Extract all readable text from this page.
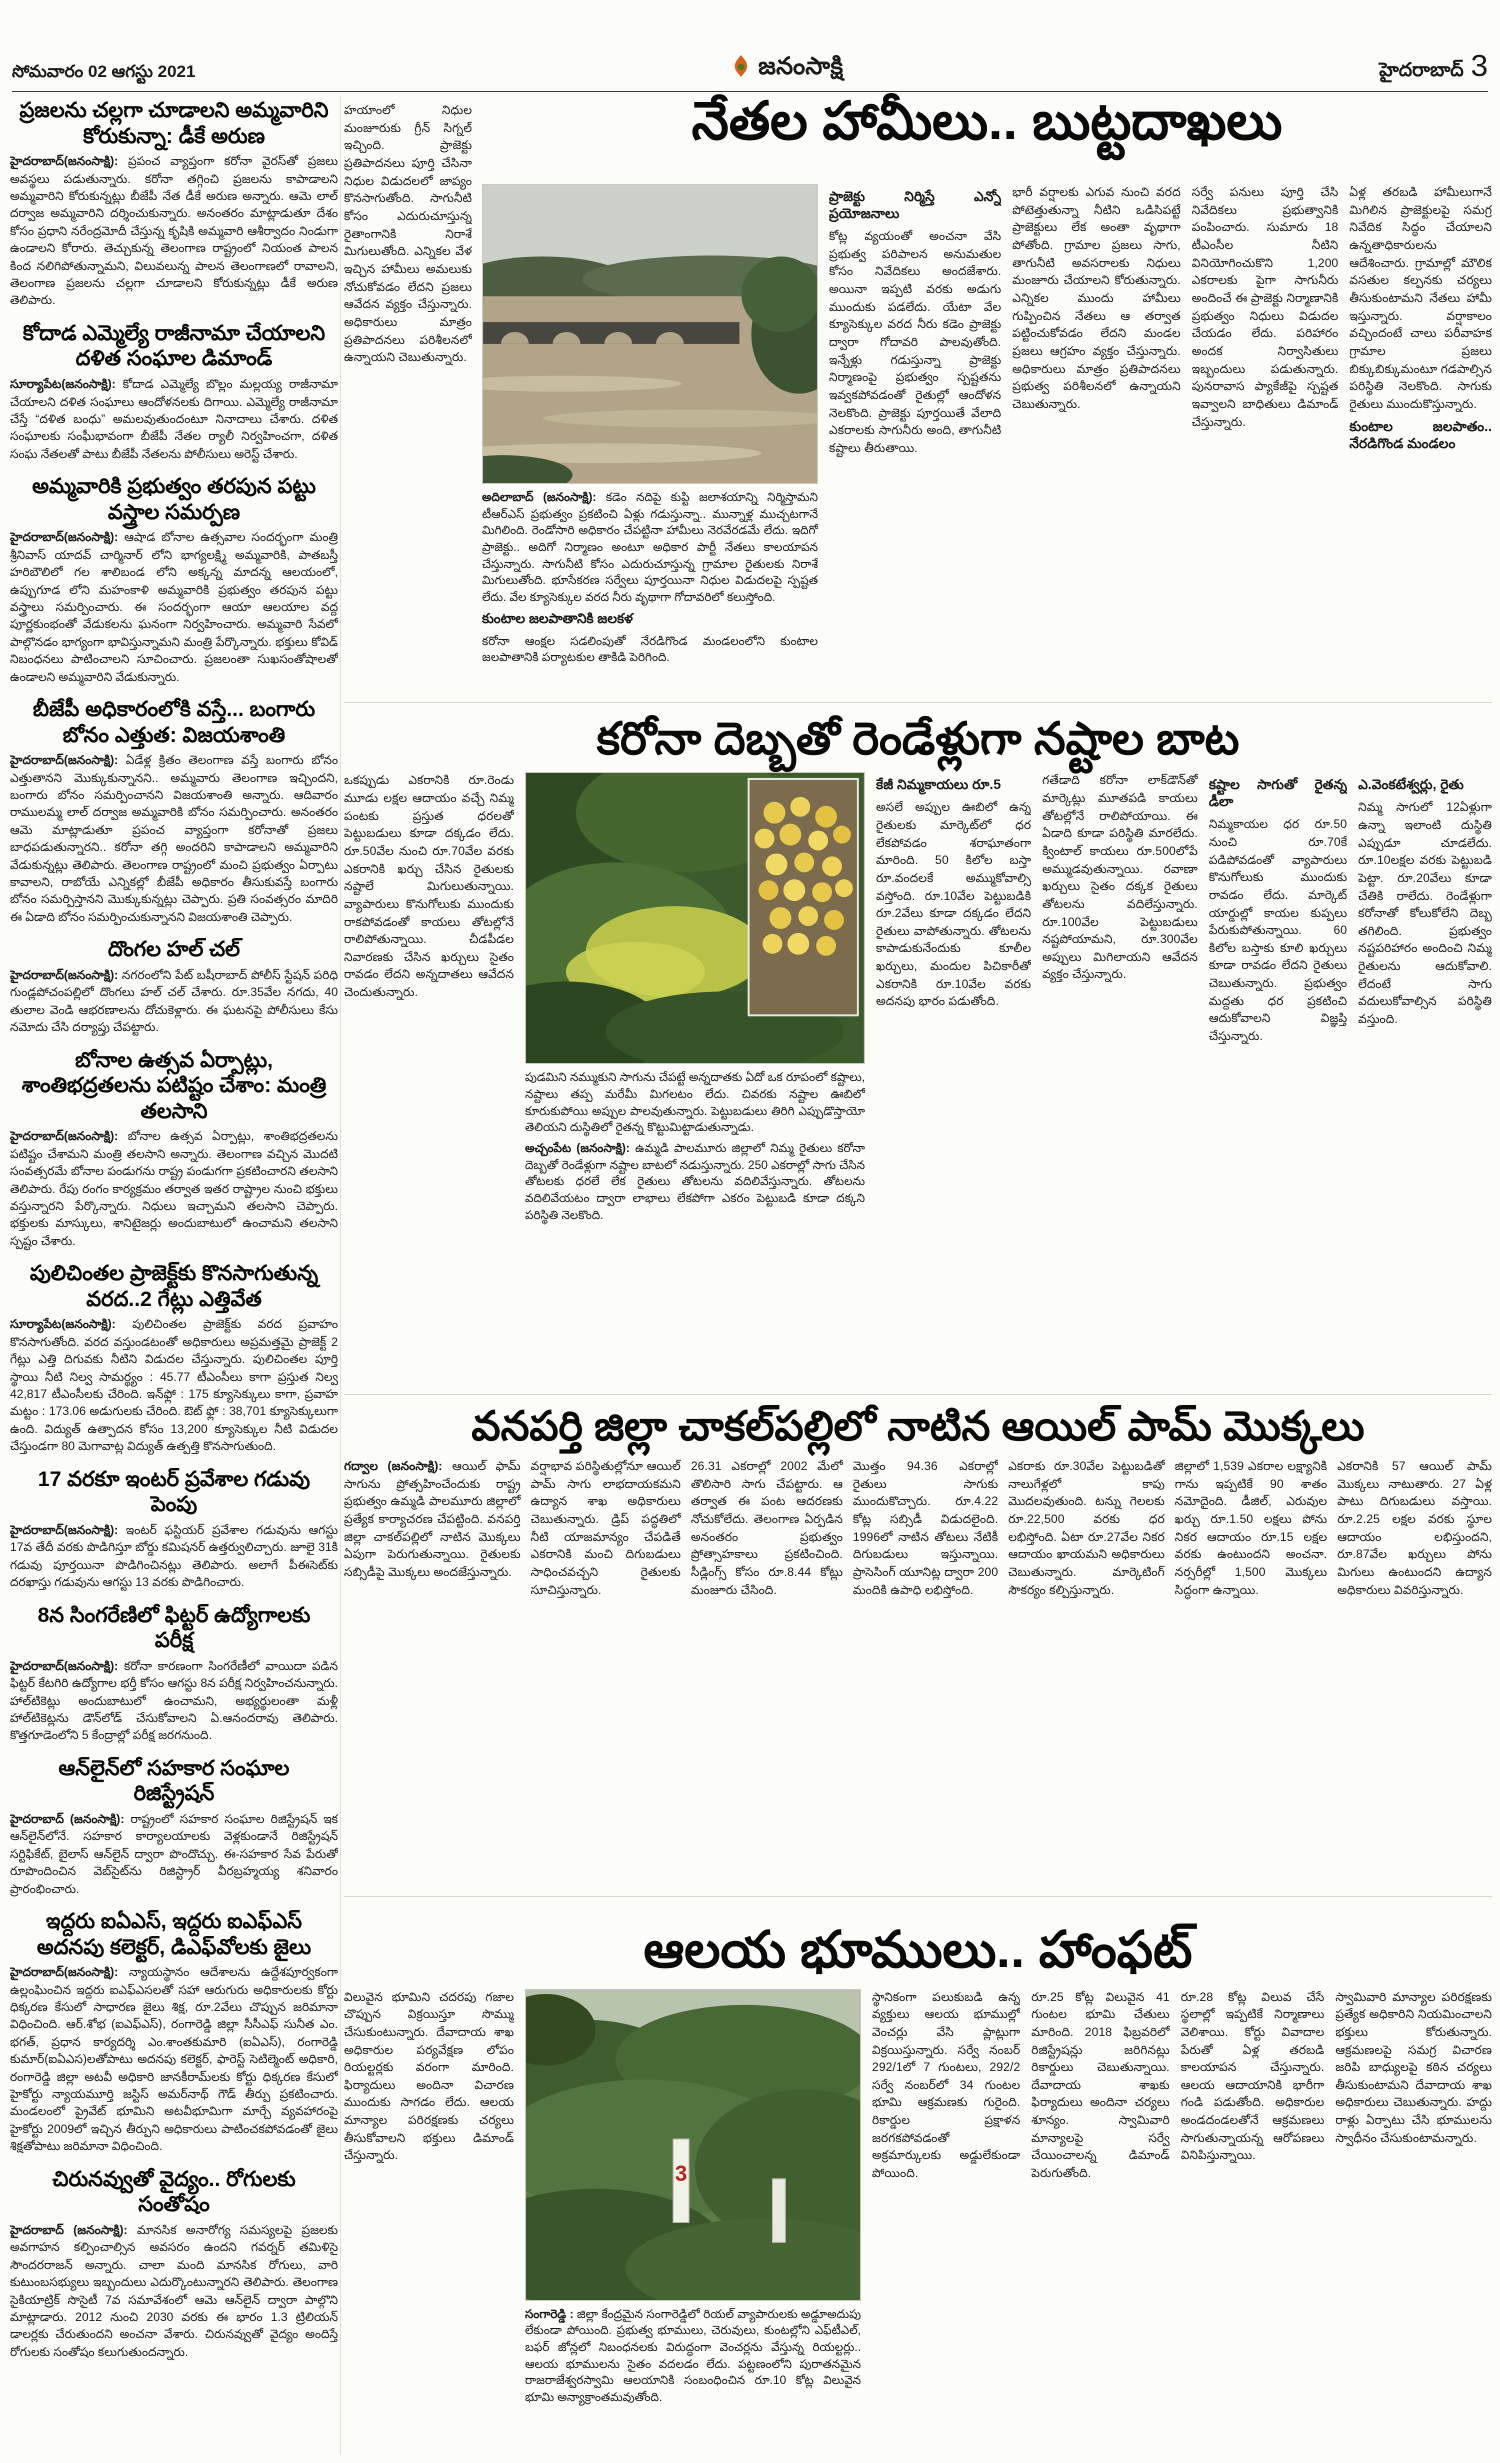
సోమవారం 02 ఆగస్టు 2021	జనంసాక్షి	హైదరాబాద్ 3
ప్రజలను చల్లగా చూడాలని అమ్మవారిని కోరుకున్నా: డీకే అరుణ

హైదరాబాద్(జనంసాక్షి): ప్రపంచ వ్యాప్తంగా కరోనా వైరస్‌తో ప్రజలు అవస్థలు పడుతున్నారు. కరోనా తగ్గించి ప్రజలను కాపాడాలని అమ్మవారిని కోరుకున్నట్లు బీజేపీ నేత డీకే అరుణ అన్నారు. ఆమె లాల్ దర్వాజ అమ్మవారిని దర్శించుకున్నారు. అనంతరం మాట్లాడుతూ దేశం కోసం ప్రధాని నరేంద్రమోదీ చేస్తున్న కృషికి అమ్మవారి ఆశీర్వాదం నిండుగా ఉండాలని కోరారు. తెచ్చుకున్న తెలంగాణ రాష్ట్రంలో నియంత పాలన కింద నలిగిపోతున్నామని, విలువలున్న పాలన తెలంగాణలో రావాలని, తెలంగాణ ప్రజలను చల్లగా చూడాలని కోరుకున్నట్లు డీకే అరుణ తెలిపారు.

కోదాడ ఎమ్మెల్యే రాజీనామా చేయాలని దళిత సంఘాల డిమాండ్

సూర్యాపేట(జనంసాక్షి): కోదాడ ఎమ్మెల్యే బొల్లం మల్లయ్య రాజీనామా చేయాలని దళిత సంఘాలు ఆందోళనలకు దిగాయి. ఎమ్మెల్యే రాజీనామా చేస్తే “దళిత బంధు” అమలవుతుందంటూ నినాదాలు చేశారు. దళిత సంఘాలకు సంఘీభావంగా బీజేపీ నేతల ర్యాలీ నిర్వహించగా, దళిత సంఘ నేతలతో పాటు బీజేపీ నేతలను పోలీసులు అరెస్ట్ చేశారు.

అమ్మవారికి ప్రభుత్వం తరపున పట్టు వస్త్రాల సమర్పణ

హైదరాబాద్(జనంసాక్షి): ఆషాడ బోనాల ఉత్సవాల సందర్భంగా మంత్రి శ్రీనివాస్ యాదవ్ చార్మినార్ లోని భాగ్యలక్ష్మి అమ్మవారికి, పాతబస్తీ హరిబౌలిలో గల శాలిబండ లోని అక్కన్న మాదన్న ఆలయంలో, ఉప్పుగూడ లోని మహంకాళి అమ్మవారికి ప్రభుత్వం తరపున పట్టు వస్త్రాలు సమర్పించారు. ఈ సందర్భంగా ఆయా ఆలయాల వద్ద పూర్ణకుంభంతో వేడుకలను ఘనంగా నిర్వహించారు. అమ్మవారి సేవలో పాల్గొనడం భాగ్యంగా భావిస్తున్నామని మంత్రి పేర్కొన్నారు. భక్తులు కోవిడ్ నిబంధనలు పాటించాలని సూచించారు. ప్రజలంతా సుఖసంతోషాలతో ఉండాలని అమ్మవారిని వేడుకున్నారు.

బీజేపీ అధికారంలోకి వస్తే... బంగారు బోనం ఎత్తుత: విజయశాంతి

హైదరాబాద్(జనంసాక్షి): ఏడేళ్ల క్రితం తెలంగాణ వస్తే బంగారు బోనం ఎత్తుతానని మొక్కుకున్నానని.. అమ్మవారు తెలంగాణ ఇచ్చిందని, బంగారు బోనం సమర్పించానని విజయశాంతి అన్నారు. ఆదివారం రాములమ్మ లాల్ దర్వాజ అమ్మవారికి బోనం సమర్పించారు. అనంతరం ఆమె మాట్లాడుతూ ప్రపంచ వ్యాప్తంగా కరోనాతో ప్రజలు బాధపడుతున్నారని.. కరోనా తగ్గి అందరిని కాపాడాలని అమ్మవారిని వేడుకున్నట్లు తెలిపారు. తెలంగాణ రాష్ట్రంలో మంచి ప్రభుత్వం ఏర్పాటు కావాలని, రాబోయే ఎన్నికల్లో బీజేపీ అధికారం తీసుకువస్తే బంగారు బోనం సమర్పిస్తానని మొక్కుకున్నట్లు చెప్పారు. ప్రతి సంవత్సరం మాదిరి ఈ ఏడాది బోనం సమర్పించుకున్నానని విజయశాంతి చెప్పారు.

దొంగల హల్ చల్

హైదరాబాద్(జనంసాక్షి): నగరంలోని పేట్ బషీరాబాద్ పోలీస్ స్టేషన్ పరిధి గుండ్లపోచంపల్లిలో దొంగలు హల్ చల్ చేశారు. రూ.35వేల నగదు, 40 తులాల వెండి ఆభరణాలను దోచుకెళ్లారు. ఈ ఘటనపై పోలీసులు కేసు నమోదు చేసి దర్యాప్తు చేపట్టారు.

బోనాల ఉత్సవ ఏర్పాట్లు, శాంతిభద్రతలను పటిష్టం చేశాం: మంత్రి తలసాని

హైదరాబాద్(జనంసాక్షి): బోనాల ఉత్సవ ఏర్పాట్లు, శాంతిభద్రతలను పటిష్టం చేశామని మంత్రి తలసాని అన్నారు. తెలంగాణ వచ్చిన మొదటి సంవత్సరమే బోనాల పండుగను రాష్ట్ర పండుగగా ప్రకటించారని తలసాని తెలిపారు. రేపు రంగం కార్యక్రమం తర్వాత ఇతర రాష్ట్రాల నుంచి భక్తులు వస్తున్నారని పేర్కొన్నారు. నిధులు ఇచ్చామని తలసాని చెప్పారు. భక్తులకు మాస్కులు, శానిటైజర్లు అందుబాటులో ఉంచామని తలసాని స్పష్టం చేశారు.

పులిచింతల ప్రాజెక్ట్‌కు కొనసాగుతున్న వరద..2 గేట్లు ఎత్తివేత

సూర్యాపేట(జనంసాక్షి): పులిచింతల ప్రాజెక్ట్‌కు వరద ప్రవాహం కొనసాగుతోంది. వరద వస్తుండటంతో అధికారులు అప్రమత్తమై ప్రాజెక్ట్ 2 గేట్లు ఎత్తి దిగువకు నీటిని విడుదల చేస్తున్నారు. పులిచింతల పూర్తి స్థాయి నీటి నిల్వ సామర్థ్యం : 45.77 టీఎంసీలు కాగా ప్రస్తుత నిల్వ 42,817 టీఎంసీలకు చేరింది. ఇన్‌ఫ్లో : 175 క్యూసెక్కులు కాగా, ప్రవాహ మట్టం : 173.06 అడుగులకు చేరింది. ఔట్ ఫ్లో : 38,701 క్యూసెక్కులుగా ఉంది. విద్యుత్ ఉత్పాదన కోసం 13,200 క్యూసెక్కుల నీటి విడుదల చేస్తుండగా 80 మెగావాట్ల విద్యుత్ ఉత్పత్తి కొనసాగుతుంది.

17 వరకూ ఇంటర్ ప్రవేశాల గడువు పెంపు

హైదరాబాద్(జనంసాక్షి): ఇంటర్ ఫస్టియర్ ప్రవేశాల గడువును ఆగస్టు 17వ తేదీ వరకు పొడిగిస్తూ బోర్డు కమిషనర్ ఉత్తర్వులిచ్చారు. జూలై 31కి గడువు పూర్తయినా పొడిగించినట్లు తెలిపారు. అలాగే పీఈసెట్‌కు దరఖాస్తు గడువును ఆగస్టు 13 వరకు పొడిగించారు.

8న సింగరేణిలో ఫిట్టర్ ఉద్యోగాలకు పరీక్ష

హైదరాబాద్(జనంసాక్షి): కరోనా కారణంగా సింగరేణీలో వాయిదా పడిన ఫిట్టర్ కేటగిరి ఉద్యోగాల భర్తీ కోసం ఆగస్టు 8న పరీక్ష నిర్వహించనున్నారు. హాల్‌టికెట్లు అందుబాటులో ఉంచామని, అభ్యర్థులంతా మళ్లీ హాల్‌టికెట్లను డౌన్‌లోడ్ చేసుకోవాలని ఏ.ఆనందరావు తెలిపారు. కొత్తగూడెంలోని 5 కేంద్రాల్లో పరీక్ష జరగనుంది.

ఆన్‌లైన్‌లో సహకార సంఘాల రిజిస్ట్రేషన్

హైదరాబాద్ (జనంసాక్షి): రాష్ట్రంలో సహకార సంఘాల రిజిస్ట్రేషన్ ఇక ఆన్‌లైన్‌లోనే. సహకార కార్యాలయాలకు వెళ్లకుండానే రిజిస్ట్రేషన్ సర్టిఫికేట్, బైలాస్ ఆన్‌లైన్ ద్వారా పొందొచ్చు. ఈ-సహకార సేవ పేరుతో రూపొందించిన వెబ్‌సైట్‌ను రిజిస్ట్రార్ వీరబ్రహ్మయ్య శనివారం ప్రారంభించారు.

ఇద్దరు ఐఏఎస్, ఇద్దరు ఐఎఫ్ఎస్ అదనపు కలెక్టర్, డిఎఫ్‌వోలకు జైలు

హైదరాబాద్(జనంసాక్షి): న్యాయస్థానం ఆదేశాలను ఉద్దేశపూర్వకంగా ఉల్లంఘించిన ఇద్దరు ఐఎఫ్ఎసలతో సహా ఆరుగురు అధికారులకు కోర్టు ధిక్కరణ కేసులో సాధారణ జైలు శిక్ష, రూ.2వేలు చొప్పున జరిమానా విధించింది. ఆర్.శోభ (ఐఎఫ్ఎస్), రంగారెడ్డి జిల్లా సీసీఎఫ్ సునీత ఎం. భగత్, ప్రధాన కార్యదర్శి ఎం.శాంతకుమారి (ఐఏఎస్), రంగారెడ్డి కుమార్(ఐఏఎస)లతోపాటు అదనపు కలెక్టర్, ఫారెస్ట్ సెటిల్మెంట్ అధికారి, రంగారెడ్డి జిల్లా అటవీ అధికారి జానకీరామ్‌లకు కోర్టు ధిక్కరణ కేసులో హైకోర్టు న్యాయమూర్తి జస్టిస్ అమర్‌నాథ్ గౌడ్ తీర్పు ప్రకటించారు. మండలంలో ప్రైవేట్ భూమిని అటవీభూమిగా మార్చే వ్యవహారంపై హైకోర్టు 2009లో ఇచ్చిన తీర్పుని అధికారులు పాటించకపోవడంతో జైలు శిక్షతోపాటు జరిమానా విధించింది.

చిరునవ్వుతో వైద్యం.. రోగులకు సంతోషం

హైదరాబాద్ (జనంసాక్షి): మానసిక అనారోగ్య సమస్యలపై ప్రజలకు అవగాహన కల్పించాల్సిన అవసరం ఉందని గవర్నర్ తమిళిసై సౌందరరాజన్ అన్నారు. చాలా మంది మానసిక రోగులు, వారి కుటుంబసభ్యులు ఇబ్బందులు ఎదుర్కొంటున్నారని తెలిపారు. తెలంగాణ సైకియాట్రిక్ సొసైటీ 7వ సమావేశంలో ఆమె ఆన్‌లైన్ ద్వారా పాల్గొని మాట్లాడారు. 2012 నుంచి 2030 వరకు ఈ భారం 1.3 ట్రిలియన్ డాలర్లకు చేరుతుందని అంచనా వేశారు. చిరునవ్వుతో వైద్యం అందిస్తే రోగులకు సంతోషం కలుగుతుందన్నారు.

నేతల హామీలు.. బుట్టదాఖలు
హయాంలో నిధుల మంజూరుకు గ్రీన్ సిగ్నల్ ఇచ్చింది. ప్రాజెక్టు ప్రతిపాదనలు పూర్తి చేసినా నిధుల విడుదలలో జాప్యం కొనసాగుతోంది. సాగునీటి కోసం ఎదురుచూస్తున్న రైతాంగానికి నిరాశే మిగులుతోంది. ఎన్నికల వేళ ఇచ్చిన హామీలు అమలుకు నోచుకోవడం లేదని ప్రజలు ఆవేదన వ్యక్తం చేస్తున్నారు. అధికారులు మాత్రం ప్రతిపాదనలు పరిశీలనలో ఉన్నాయని చెబుతున్నారు.
అదిలాబాద్ (జనంసాక్షి): కడెం నదిపై కుప్టి జలాశయాన్ని నిర్మిస్తామని టీఆర్ఎస్ ప్రభుత్వం ప్రకటించి ఏళ్లు గడుస్తున్నా.. మున్నాళ్ల ముచ్చటగానే మిగిలింది. రెండోసారి అధికారం చేపట్టినా హామీలు నెరవేరడమే లేదు. ఇదిగో ప్రాజెక్టు.. అదిగో నిర్మాణం అంటూ అధికార పార్టీ నేతలు కాలయాపన చేస్తున్నారు. సాగునీటి కోసం ఎదురుచూస్తున్న గ్రామాల రైతులకు నిరాశే మిగులుతోంది. భూసేకరణ సర్వేలు పూర్తయినా నిధుల విడుదలపై స్పష్టత లేదు. వేల క్యూసెక్కుల వరద నీరు వృథాగా గోదావరిలో కలుస్తోంది.
కుంటాల జలపాతానికి జలకళ
కరోనా ఆంక్షల సడలింపుతో నేరడిగొండ మండలంలోని కుంటాల జలపాతానికి పర్యాటకుల తాకిడి పెరిగింది.
ప్రాజెక్టు నిర్మిస్తే ఎన్నో ప్రయోజనాలు
కోట్ల వ్యయంతో అంచనా వేసి ప్రభుత్వ పరిపాలన అనుమతుల కోసం నివేదికలు అందజేశారు. అయినా ఇప్పటి వరకు అడుగు ముందుకు పడలేదు. యేటా వేల క్యూసెక్కుల వరద నీరు కడెం ప్రాజెక్టు ద్వారా గోదావరి పాలవుతోంది. ఇన్నేళ్లు గడుస్తున్నా ప్రాజెక్టు నిర్మాణంపై ప్రభుత్వం స్పష్టతను ఇవ్వకపోవడంతో రైతుల్లో ఆందోళన నెలకొంది. ప్రాజెక్టు పూర్తయితే వేలాది ఎకరాలకు సాగునీరు అంది, తాగునీటి కష్టాలు తీరుతాయి.
భారీ వర్షాలకు ఎగువ నుంచి వరద పోటెత్తుతున్నా నీటిని ఒడిసిపట్టే ప్రాజెక్టులు లేక అంతా వృథాగా పోతోంది. గ్రామాల ప్రజలు సాగు, తాగునీటి అవసరాలకు నిధులు మంజూరు చేయాలని కోరుతున్నారు. ఎన్నికల ముందు హామీలు గుప్పించిన నేతలు ఆ తర్వాత పట్టించుకోవడం లేదని మండల ప్రజలు ఆగ్రహం వ్యక్తం చేస్తున్నారు. అధికారులు మాత్రం ప్రతిపాదనలు ప్రభుత్వ పరిశీలనలో ఉన్నాయని చెబుతున్నారు.
సర్వే పనులు పూర్తి చేసి నివేదికలు ప్రభుత్వానికి పంపించారు. సుమారు 18 టీఎంసీల నీటిని వినియోగించుకొని 1,200 ఎకరాలకు పైగా సాగునీరు అందించే ఈ ప్రాజెక్టు నిర్మాణానికి ప్రభుత్వం నిధులు విడుదల చేయడం లేదు. పరిహారం అందక నిర్వాసితులు ఇబ్బందులు పడుతున్నారు. పునరావాస ప్యాకేజీపై స్పష్టత ఇవ్వాలని బాధితులు డిమాండ్ చేస్తున్నారు.
ఏళ్ల తరబడి హామీలుగానే మిగిలిన ప్రాజెక్టులపై సమగ్ర నివేదిక సిద్ధం చేయాలని ఉన్నతాధికారులను ఆదేశించారు. గ్రామాల్లో మౌలిక వసతుల కల్పనకు చర్యలు తీసుకుంటామని నేతలు హామీ ఇస్తున్నారు. వర్షాకాలం వచ్చిందంటే చాలు పరీవాహక గ్రామాల ప్రజలు బిక్కుబిక్కుమంటూ గడపాల్సిన పరిస్థితి నెలకొంది. సాగుకు రైతులు ముందుకొస్తున్నారు.
కుంటాల జలపాతం.. నేరడిగొండ మండలం
కరోనా దెబ్బతో రెండేళ్లుగా నష్టాల బాట
ఒకప్పుడు ఎకరానికి రూ.రెండు మూడు లక్షల ఆదాయం వచ్చే నిమ్మ పంటకు ప్రస్తుత ధరలతో పెట్టుబడులు కూడా దక్కడం లేదు. రూ.50వేల నుంచి రూ.70వేల వరకు ఎకరానికి ఖర్చు చేసిన రైతులకు నష్టాలే మిగులుతున్నాయి. వ్యాపారులు కొనుగోలుకు ముందుకు రాకపోవడంతో కాయలు తోటల్లోనే రాలిపోతున్నాయి. చీడపీడల నివారణకు చేసిన ఖర్చులు సైతం రావడం లేదని అన్నదాతలు ఆవేదన చెందుతున్నారు.
పుడమిని నమ్ముకుని సాగును చేపట్టే అన్నదాతకు ఏదో ఒక రూపంలో కష్టాలు, నష్టాలు తప్ప మరేమీ మిగలటం లేదు. చివరకు నష్టాల ఊబిలో కూరుకుపోయి అప్పుల పాలవుతున్నారు. పెట్టుబడులు తిరిగి ఎప్పుడొస్తాయో తెలియని దుస్థితిలో రైతన్న కొట్టుమిట్టాడుతున్నాడు.
అచ్చంపేట (జనంసాక్షి): ఉమ్మడి పాలమూరు జిల్లాలో నిమ్మ రైతులు కరోనా దెబ్బతో రెండేళ్లుగా నష్టాల బాటలో నడుస్తున్నారు. 250 ఎకరాల్లో సాగు చేసిన తోటలకు ధరలే లేక రైతులు తోటలను వదిలివేస్తున్నారు. తోటలను వదిలివేయటం ద్వారా లాభాలు లేకపోగా ఎకరం పెట్టుబడి కూడా దక్కని పరిస్థితి నెలకొంది.
కేజీ నిమ్మకాయలు రూ.5
అసలే అప్పుల ఊబిలో ఉన్న రైతులకు మార్కెట్‌లో ధర లేకపోవడం శరాఘాతంగా మారింది. 50 కిలోల బస్తా రూ.వందలకే అమ్ముకోవాల్సి వస్తోంది. రూ.10వేల పెట్టుబడికి రూ.2వేలు కూడా దక్కడం లేదని రైతులు వాపోతున్నారు. తోటలను కాపాడుకునేందుకు కూలీల ఖర్చులు, మందుల పిచికారీతో ఎకరానికి రూ.10వేల వరకు అదనపు భారం పడుతోంది.
గతేడాది కరోనా లాక్‌డౌన్‌తో మార్కెట్లు మూతపడి కాయలు తోటల్లోనే రాలిపోయాయి. ఈ ఏడాది కూడా పరిస్థితి మారలేదు. క్వింటాల్ కాయలు రూ.500లోపే అమ్ముడవుతున్నాయి. రవాణా ఖర్చులు సైతం దక్కక రైతులు తోటలను వదిలేస్తున్నారు. రూ.100వేల పెట్టుబడులు నష్టపోయామని, రూ.300వేల అప్పులు మిగిలాయని ఆవేదన వ్యక్తం చేస్తున్నారు.
కష్టాల సాగుతో రైతన్న డీలా
నిమ్మకాయల ధర రూ.50 నుంచి రూ.70కే పడిపోవడంతో వ్యాపారులు కొనుగోలుకు ముందుకు రావడం లేదు. మార్కెట్ యార్డుల్లో కాయల కుప్పలు పేరుకుపోతున్నాయి. 60 కిలోల బస్తాకు కూలి ఖర్చులు కూడా రావడం లేదని రైతులు చెబుతున్నారు. ప్రభుత్వం మద్దతు ధర ప్రకటించి ఆదుకోవాలని విజ్ఞప్తి చేస్తున్నారు.
ఎ.వెంకటేశ్వర్లు, రైతు
నిమ్మ సాగులో 12ఏళ్లుగా ఉన్నా ఇలాంటి దుస్థితి ఎప్పుడూ చూడలేదు. రూ.10లక్షల వరకు పెట్టుబడి పెట్టా. రూ.20వేలు కూడా చేతికి రాలేదు. రెండేళ్లుగా కరోనాతో కోలుకోలేని దెబ్బ తగిలింది. ప్రభుత్వం నష్టపరిహారం అందించి నిమ్మ రైతులను ఆదుకోవాలి. లేదంటే సాగు వదులుకోవాల్సిన పరిస్థితి వస్తుంది.
వనపర్తి జిల్లా చాకల్‌పల్లిలో నాటిన ఆయిల్ పామ్ మొక్కలు
గద్వాల (జనంసాక్షి): ఆయిల్ ఫామ్ సాగును ప్రోత్సహించేందుకు రాష్ట్ర ప్రభుత్వం ఉమ్మడి పాలమూరు జిల్లాలో ప్రత్యేక కార్యాచరణ చేపట్టింది. వనపర్తి జిల్లా చాకల్‌పల్లిలో నాటిన మొక్కలు ఏపుగా పెరుగుతున్నాయి. రైతులకు సబ్సిడీపై మొక్కలు అందజేస్తున్నారు.
వర్షాభావ పరిస్థితుల్లోనూ ఆయిల్ పామ్ సాగు లాభదాయకమని ఉద్యాన శాఖ అధికారులు చెబుతున్నారు. డ్రిప్ పద్ధతిలో నీటి యాజమాన్యం చేపడితే ఎకరానికి మంచి దిగుబడులు సాధించవచ్చని రైతులకు సూచిస్తున్నారు.
26.31 ఎకరాల్లో 2002 మేలో తొలిసారి సాగు చేపట్టారు. ఆ తర్వాత ఈ పంట ఆదరణకు నోచుకోలేదు. తెలంగాణ ఏర్పడిన అనంతరం ప్రభుత్వం ప్రోత్సాహకాలు ప్రకటించింది. సీడ్లింగ్స్ కోసం రూ.8.44 కోట్లు మంజూరు చేసింది.
మొత్తం 94.36 ఎకరాల్లో రైతులు సాగుకు ముందుకొచ్చారు. రూ.4.22 కోట్ల సబ్సిడీ విడుదలైంది. 1996లో నాటిన తోటలు నేటికీ దిగుబడులు ఇస్తున్నాయి. ప్రాసెసింగ్ యూనిట్ల ద్వారా 200 మందికి ఉపాధి లభిస్తోంది.
ఎకరాకు రూ.30వేల పెట్టుబడితో నాలుగేళ్లలో కాపు మొదలవుతుంది. టన్ను గెలలకు రూ.22,500 వరకు ధర లభిస్తోంది. ఏటా రూ.27వేల నికర ఆదాయం ఖాయమని అధికారులు చెబుతున్నారు. మార్కెటింగ్ సౌకర్యం కల్పిస్తున్నారు.
జిల్లాలో 1,539 ఎకరాల లక్ష్యానికి గాను ఇప్పటికే 90 శాతం నమోదైంది. డీజిల్, ఎరువుల ఖర్చు రూ.1.50 లక్షలు పోను నికర ఆదాయం రూ.15 లక్షల వరకు ఉంటుందని అంచనా. నర్సరీల్లో 1,500 మొక్కలు సిద్ధంగా ఉన్నాయి.
ఎకరానికి 57 ఆయిల్ పామ్ మొక్కలు నాటుతారు. 27 ఏళ్ల పాటు దిగుబడులు వస్తాయి. రూ.2.25 లక్షల వరకు స్థూల ఆదాయం లభిస్తుందని, రూ.87వేల ఖర్చులు పోను మిగులు ఉంటుందని ఉద్యాన అధికారులు వివరిస్తున్నారు.
ఆలయ భూములు.. హాంఫట్
విలువైన భూమిని చదరపు గజాల చొప్పున విక్రయిస్తూ సొమ్ము చేసుకుంటున్నారు. దేవాదాయ శాఖ అధికారుల పర్యవేక్షణ లోపం రియల్టర్లకు వరంగా మారింది. ఫిర్యాదులు అందినా విచారణ ముందుకు సాగడం లేదు. ఆలయ మాన్యాల పరిరక్షణకు చర్యలు తీసుకోవాలని భక్తులు డిమాండ్ చేస్తున్నారు.
3
సంగారెడ్డి : జిల్లా కేంద్రమైన సంగారెడ్డిలో రియల్ వ్యాపారులకు అడ్డూఅదుపు లేకుండా పోయింది. ప్రభుత్వ భూములు, చెరువులు, కుంటల్లోని ఎఫ్‌టీఎల్, బఫర్ జోన్లలో నిబంధనలకు విరుద్ధంగా వెంచర్లను వేస్తున్న రియల్టర్లు.. ఆలయ భూములను సైతం వదలడం లేదు. పట్టణంలోని పురాతనమైన రాజరాజేశ్వరస్వామి ఆలయానికి సంబంధించిన రూ.10 కోట్ల విలువైన భూమి అన్యాక్రాంతమవుతోంది.
స్థానికంగా పలుకుబడి ఉన్న వ్యక్తులు ఆలయ భూముల్లో వెంచర్లు వేసి ప్లాట్లుగా విక్రయిస్తున్నారు. సర్వే నంబర్ 292/1లో 7 గుంటలు, 292/2 సర్వే నంబర్‌లో 34 గుంటల భూమి ఆక్రమణకు గురైంది. రికార్డుల ప్రక్షాళన జరగకపోవడంతో అక్రమార్కులకు అడ్డులేకుండా పోయింది.
రూ.25 కోట్ల విలువైన 41 గుంటల భూమి చేతులు మారింది. 2018 ఫిబ్రవరిలో రిజిస్ట్రేషన్లు జరిగినట్లు రికార్డులు చెబుతున్నాయి. దేవాదాయ శాఖకు ఫిర్యాదులు అందినా చర్యలు శూన్యం. స్వామివారి మాన్యాలపై సర్వే చేయించాలన్న డిమాండ్ పెరుగుతోంది.
రూ.28 కోట్ల విలువ చేసే స్థలాల్లో ఇప్పటికే నిర్మాణాలు వెలిశాయి. కోర్టు వివాదాల పేరుతో ఏళ్ల తరబడి కాలయాపన చేస్తున్నారు. ఆలయ ఆదాయానికి భారీగా గండి పడుతోంది. అధికారుల అండదండలతోనే ఆక్రమణలు సాగుతున్నాయన్న ఆరోపణలు వినిపిస్తున్నాయి.
స్వామివారి మాన్యాల పరిరక్షణకు ప్రత్యేక అధికారిని నియమించాలని భక్తులు కోరుతున్నారు. ఆక్రమణలపై సమగ్ర విచారణ జరిపి బాధ్యులపై కఠిన చర్యలు తీసుకుంటామని దేవాదాయ శాఖ అధికారులు చెబుతున్నారు. హద్దు రాళ్లు ఏర్పాటు చేసి భూములను స్వాధీనం చేసుకుంటామన్నారు.
